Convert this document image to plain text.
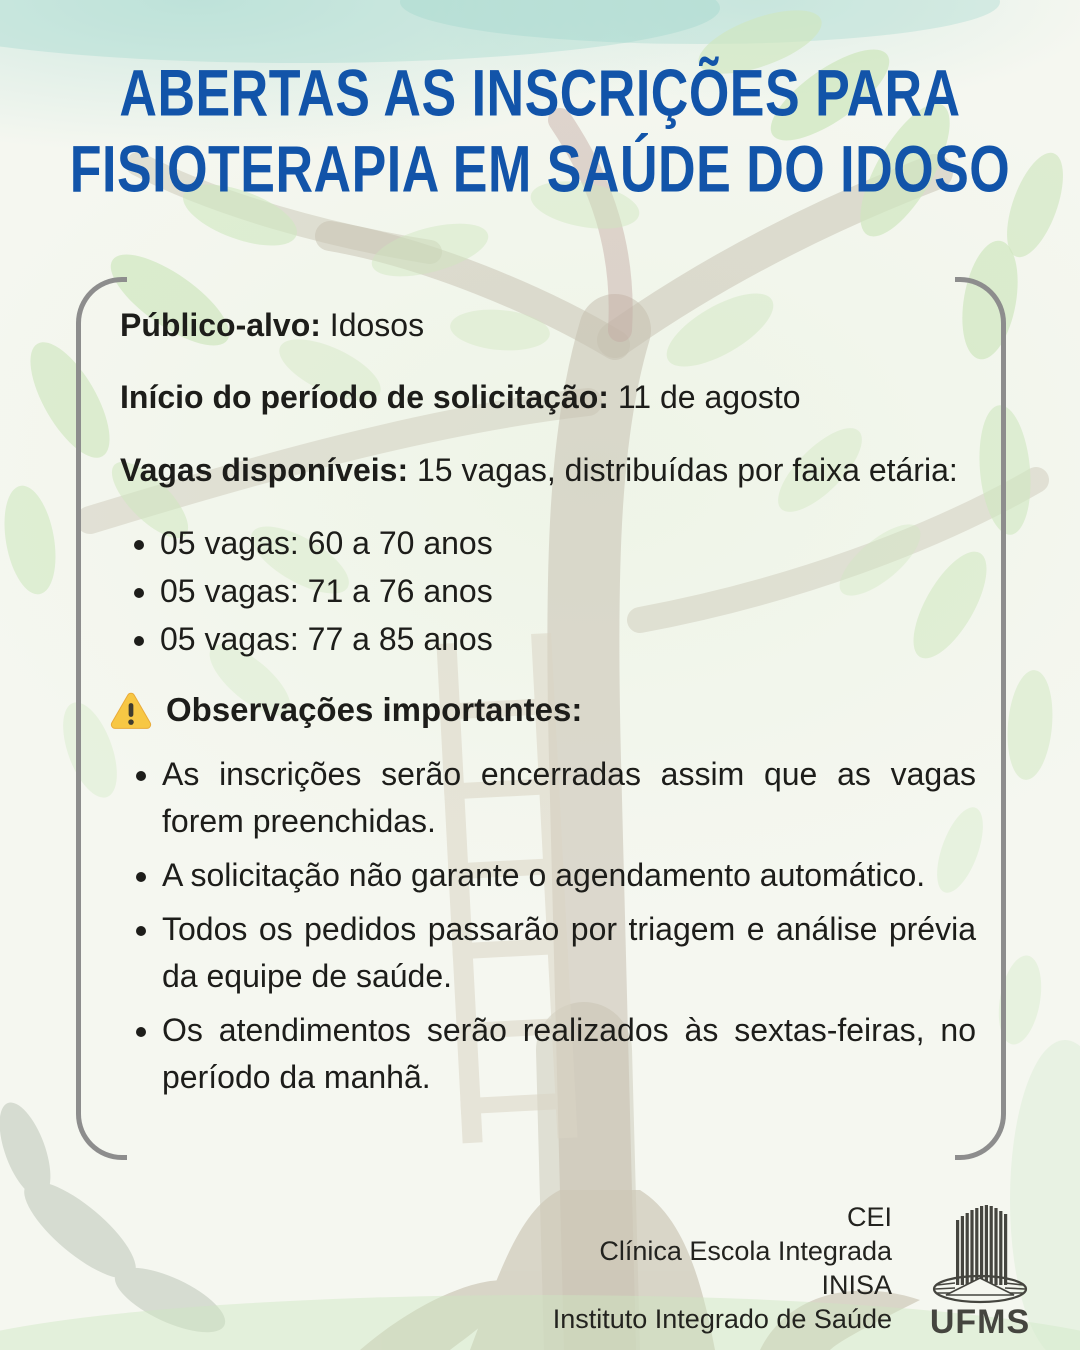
ABERTAS AS INSCRIÇÕES PARA
FISIOTERAPIA EM SAÚDE DO IDOSO

Público-alvo: Idosos

Início do período de solicitação: 11 de agosto

Vagas disponíveis: 15 vagas, distribuídas por faixa etária:

• 05 vagas: 60 a 70 anos
• 05 vagas: 71 a 76 anos
• 05 vagas: 77 a 85 anos
Observações importantes:
• As inscrições serão encerradas assim que as vagas forem preenchidas.
• A solicitação não garante o agendamento automático.
• Todos os pedidos passarão por triagem e análise prévia da equipe de saúde.
• Os atendimentos serão realizados às sextas-feiras, no período da manhã.
CEI
Clínica Escola Integrada
INISA
Instituto Integrado de Saúde UFMS
